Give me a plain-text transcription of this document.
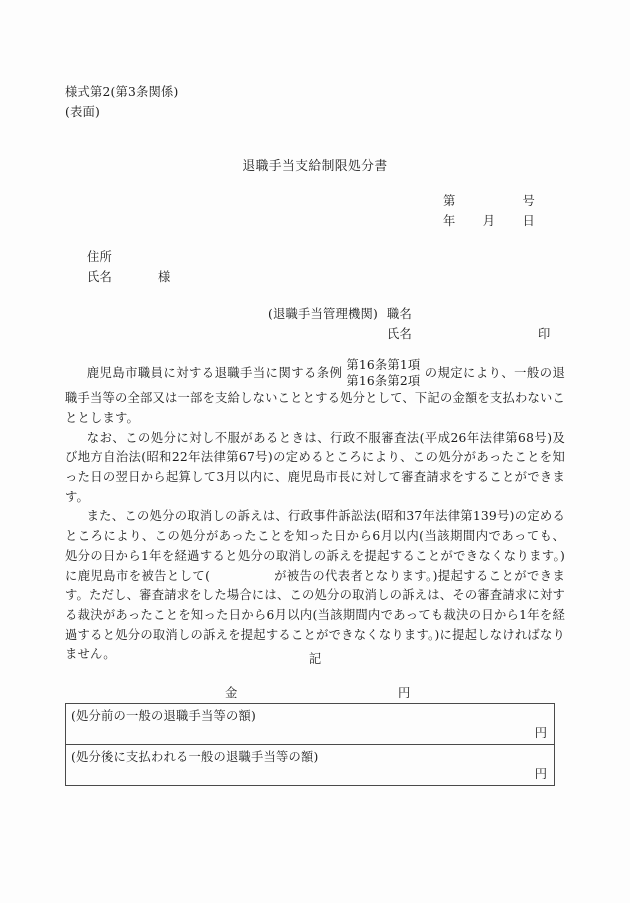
様式第2(第3条関係)
(表面)
退職手当支給制限処分書
第	号
年 月 日
住所
氏名	様
(退職手当管理機関) 職名
氏名	印

　鹿児島市職員に対する退職手当に関する条例
第16条第1項
第16条第2項
の規定により、一般の退職手当等の全部又は一部を支給しないこととする処分として、下記の金額を支払わないこととします。

　なお、この処分に対し不服があるときは、行政不服審査法(平成26年法律第68号)及び地方自治法(昭和22年法律第67号)の定めるところにより、この処分があったことを知った日の翌日から起算して3月以内に、鹿児島市長に対して審査請求をすることができます。

　また、この処分の取消しの訴えは、行政事件訴訟法(昭和37年法律第139号)の定めるところにより、この処分があったことを知った日から6月以内(当該期間内であっても、処分の日から1年を経過すると処分の取消しの訴えを提起することができなくなります。)に鹿児島市を被告として(　　　　　が被告の代表者となります。)提起することができます。ただし、審査請求をした場合には、この処分の取消しの訴えは、その審査請求に対する裁決があったことを知った日から6月以内(当該期間内であっても裁決の日から1年を経過すると処分の取消しの訴えを提起することができなくなります。)に提起しなければなりません。	記
金	円
(処分前の一般の退職手当等の額)
円
(処分後に支払われる一般の退職手当等の額)
円
